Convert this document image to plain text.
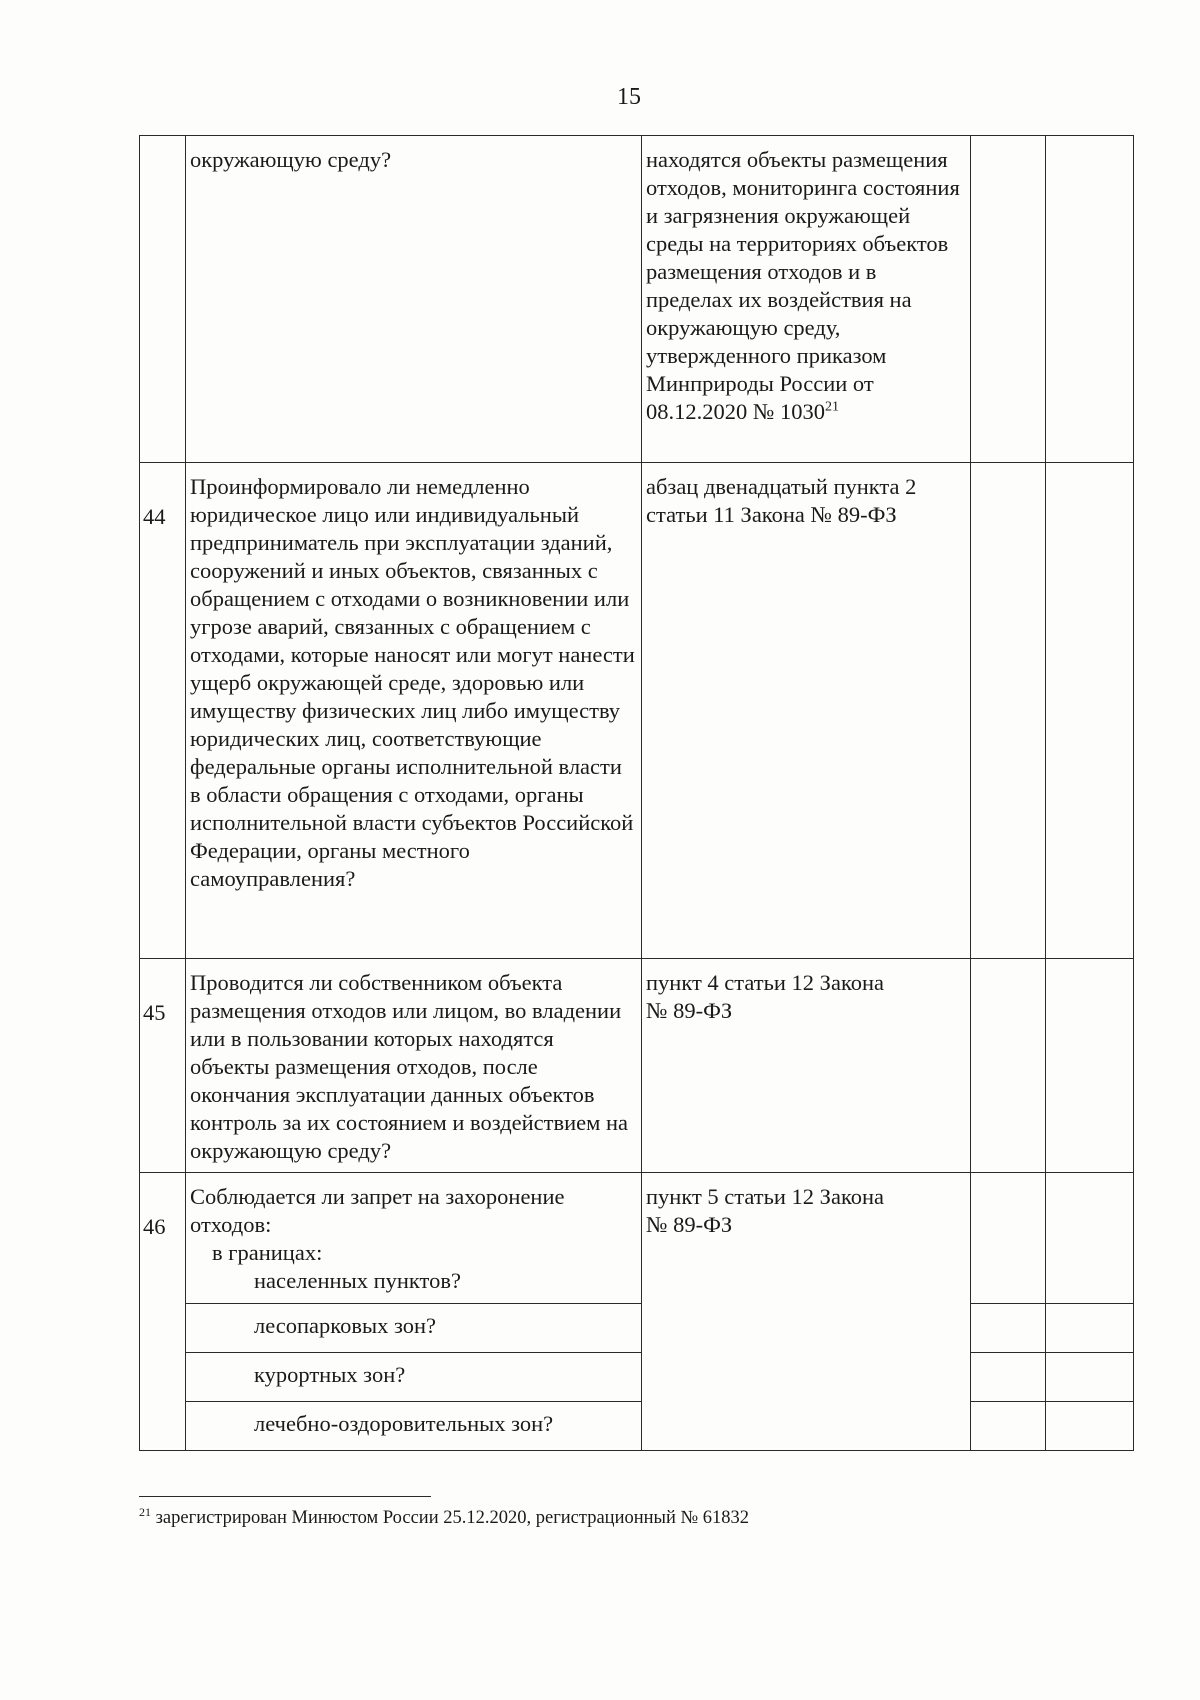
15
	окружающую среду?	находятся объекты размещения отходов, мониторинга состояния и загрязнения окружающей среды на территориях объектов размещения отходов и в пределах их воздействия на окружающую среду, утвержденного приказом Минприроды России от 08.12.2020 № 1030$^{21}$		
44	Проинформировало ли немедленно юридическое лицо или индивидуальный предприниматель при эксплуатации зданий, сооружений и иных объектов, связанных с обращением с отходами о возникновении или угрозе аварий, связанных с обращением с отходами, которые наносят или могут нанести ущерб окружающей среде, здоровью или имуществу физических лиц либо имуществу юридических лиц, соответствующие федеральные органы исполнительной власти в области обращения с отходами, органы исполнительной власти субъектов Российской Федерации, органы местного самоуправления?	абзац двенадцатый пункта 2
статьи 11 Закона № 89-ФЗ		
45	Проводится ли собственником объекта размещения отходов или лицом, во владении или в пользовании которых находятся объекты размещения отходов, после окончания эксплуатации данных объектов контроль за их состоянием и воздействием на окружающую среду?	пункт 4 статьи 12 Закона
№ 89-ФЗ		
46	Соблюдается ли запрет на захоронение отходов:
в границах:
населенных пунктов?	пункт 5 статьи 12 Закона
№ 89-ФЗ		

	лесопарковых зон?			

	курортных зон?			

	лечебно-оздоровительных зон?			

$^{21}$ зарегистрирован Минюстом России 25.12.2020, регистрационный № 61832
